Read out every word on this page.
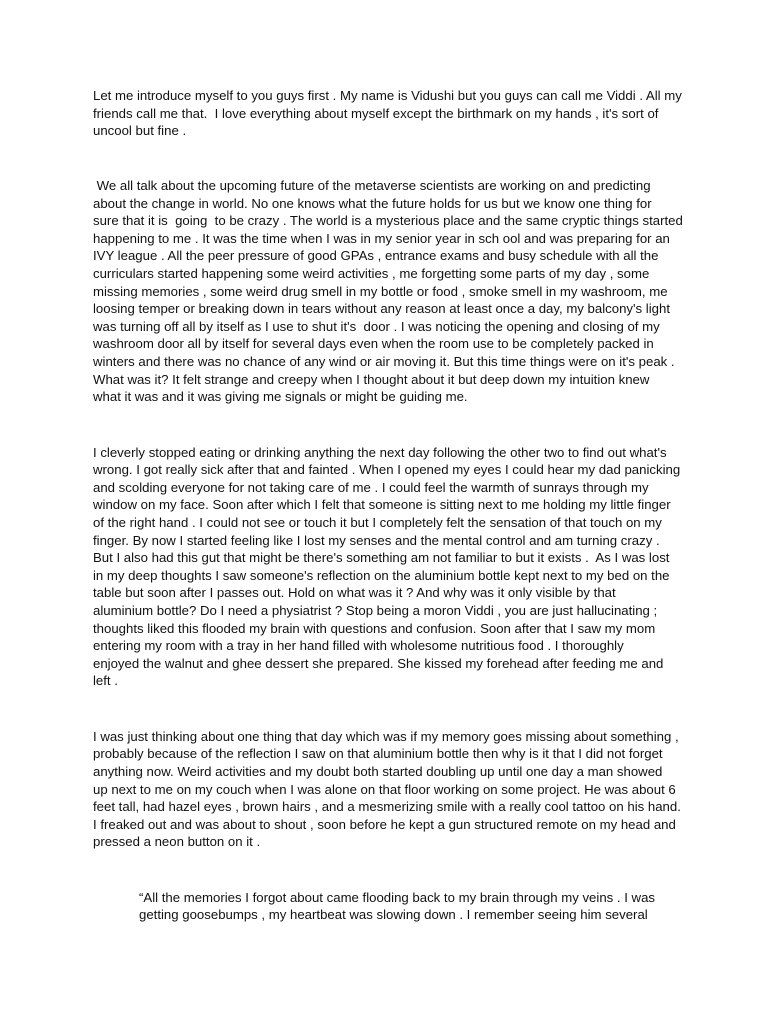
Let me introduce myself to you guys first . My name is Vidushi but you guys can call me Viddi . All my
friends call me that.  I love everything about myself except the birthmark on my hands , it's sort of
uncool but fine .
We all talk about the upcoming future of the metaverse scientists are working on and predicting
about the change in world. No one knows what the future holds for us but we know one thing for
sure that it is  going  to be crazy . The world is a mysterious place and the same cryptic things started
happening to me . It was the time when I was in my senior year in sch ool and was preparing for an
IVY league . All the peer pressure of good GPAs , entrance exams and busy schedule with all the
curriculars started happening some weird activities , me forgetting some parts of my day , some
missing memories , some weird drug smell in my bottle or food , smoke smell in my washroom, me
loosing temper or breaking down in tears without any reason at least once a day, my balcony's light
was turning off all by itself as I use to shut it's  door . I was noticing the opening and closing of my
washroom door all by itself for several days even when the room use to be completely packed in
winters and there was no chance of any wind or air moving it. But this time things were on it's peak .
What was it? It felt strange and creepy when I thought about it but deep down my intuition knew
what it was and it was giving me signals or might be guiding me.
I cleverly stopped eating or drinking anything the next day following the other two to find out what's
wrong. I got really sick after that and fainted . When I opened my eyes I could hear my dad panicking
and scolding everyone for not taking care of me . I could feel the warmth of sunrays through my
window on my face. Soon after which I felt that someone is sitting next to me holding my little finger
of the right hand . I could not see or touch it but I completely felt the sensation of that touch on my
finger. By now I started feeling like I lost my senses and the mental control and am turning crazy .
But I also had this gut that might be there's something am not familiar to but it exists .  As I was lost
in my deep thoughts I saw someone's reflection on the aluminium bottle kept next to my bed on the
table but soon after I passes out. Hold on what was it ? And why was it only visible by that
aluminium bottle? Do I need a physiatrist ? Stop being a moron Viddi , you are just hallucinating ;
thoughts liked this flooded my brain with questions and confusion. Soon after that I saw my mom
entering my room with a tray in her hand filled with wholesome nutritious food . I thoroughly
enjoyed the walnut and ghee dessert she prepared. She kissed my forehead after feeding me and
left .
I was just thinking about one thing that day which was if my memory goes missing about something ,
probably because of the reflection I saw on that aluminium bottle then why is it that I did not forget
anything now. Weird activities and my doubt both started doubling up until one day a man showed
up next to me on my couch when I was alone on that floor working on some project. He was about 6
feet tall, had hazel eyes , brown hairs , and a mesmerizing smile with a really cool tattoo on his hand.
I freaked out and was about to shout , soon before he kept a gun structured remote on my head and
pressed a neon button on it .
“All the memories I forgot about came flooding back to my brain through my veins . I was
getting goosebumps , my heartbeat was slowing down . I remember seeing him several
